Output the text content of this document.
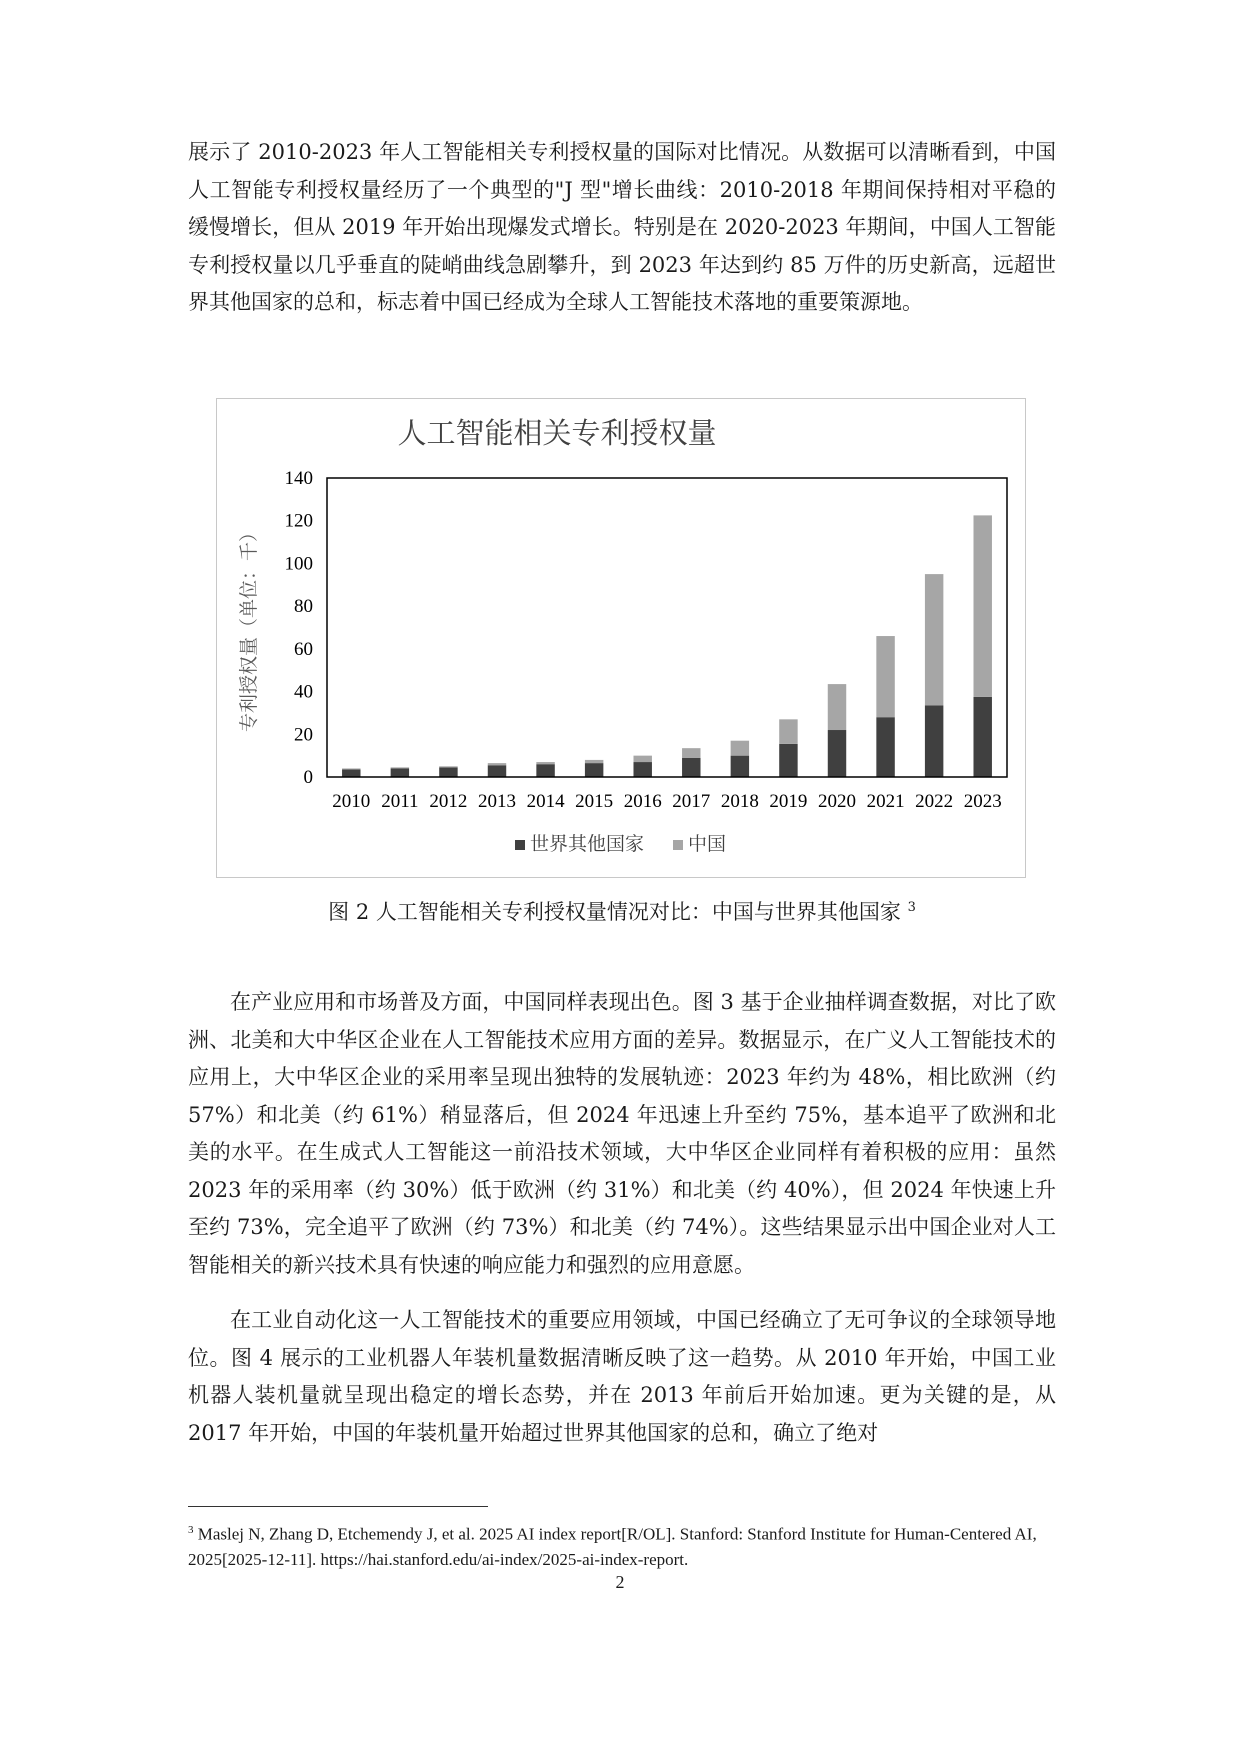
展示了 2010-2023 年人工智能相关专利授权量的国际对比情况。从数据可以清晰看到，中国人工智能专利授权量经历了一个典型的"J 型"增长曲线：2010-2018 年期间保持相对平稳的缓慢增长，但从 2019 年开始出现爆发式增长。特别是在 2020-2023 年期间，中国人工智能专利授权量以几乎垂直的陡峭曲线急剧攀升，到 2023 年达到约 85 万件的历史新高，远超世界其他国家的总和，标志着中国已经成为全球人工智能技术落地的重要策源地。

人工智能相关专利授权量
专利授权量（单位：千）
0
20
40
60
80
100
120
140
2010 2011 2012 2013 2014 2015 2016 2017 2018 2019 2020 2021 2022 2023
世界其他国家 中国
图 2 人工智能相关专利授权量情况对比：中国与世界其他国家 $^3$

在产业应用和市场普及方面，中国同样表现出色。图 3 基于企业抽样调查数据，对比了欧洲、北美和大中华区企业在人工智能技术应用方面的差异。数据显示，在广义人工智能技术的应用上，大中华区企业的采用率呈现出独特的发展轨迹：2023 年约为 48%，相比欧洲（约 57%）和北美（约 61%）稍显落后，但 2024 年迅速上升至约 75%，基本追平了欧洲和北美的水平。在生成式人工智能这一前沿技术领域，大中华区企业同样有着积极的应用：虽然 2023 年的采用率（约 30%）低于欧洲（约 31%）和北美（约 40%），但 2024 年快速上升至约 73%，完全追平了欧洲（约 73%）和北美（约 74%）。这些结果显示出中国企业对人工智能相关的新兴技术具有快速的响应能力和强烈的应用意愿。

在工业自动化这一人工智能技术的重要应用领域，中国已经确立了无可争议的全球领导地位。图 4 展示的工业机器人年装机量数据清晰反映了这一趋势。从 2010 年开始，中国工业机器人装机量就呈现出稳定的增长态势，并在 2013 年前后开始加速。更为关键的是，从 2017 年开始，中国的年装机量开始超过世界其他国家的总和，确立了绝对

$^3$ Maslej N, Zhang D, Etchemendy J, et al. 2025 AI index report[R/OL]. Stanford: Stanford Institute for Human-Centered AI, 2025[2025-12-11]. https://hai.stanford.edu/ai-index/2025-ai-index-report.

2
